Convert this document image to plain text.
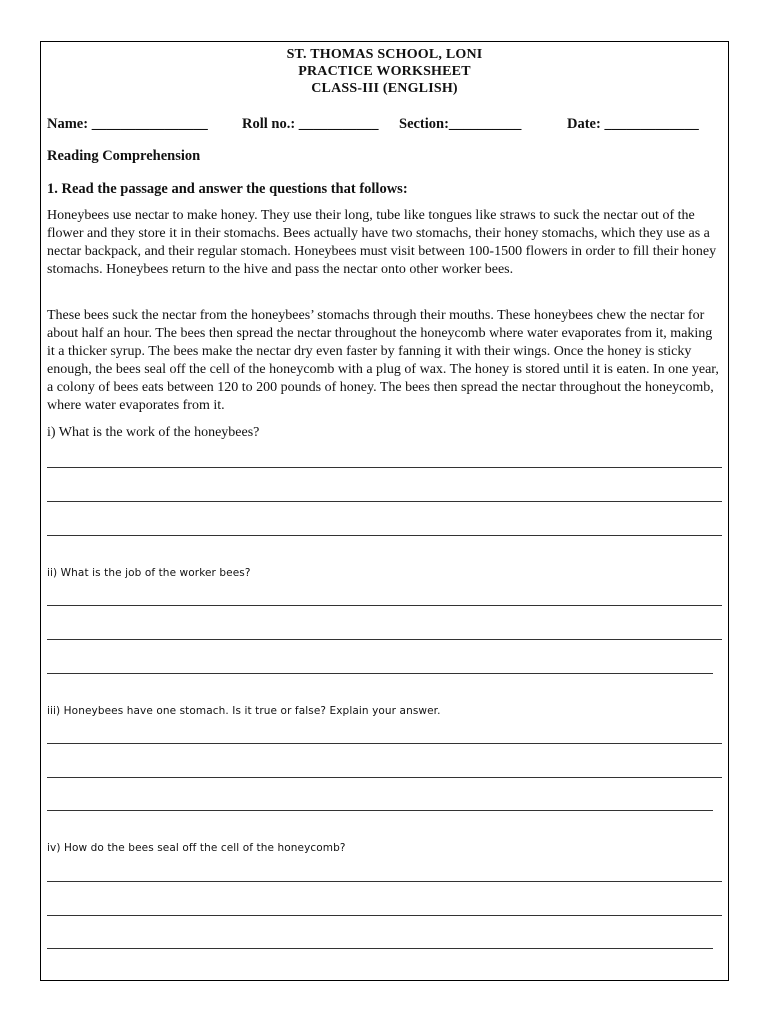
ST. THOMAS SCHOOL, LONI
PRACTICE WORKSHEET
CLASS-III (ENGLISH)
Name: ________________ Roll no.: ___________ Section:__________	Date: _____________
Reading Comprehension
1. Read the passage and answer the questions that follows:

Honeybees use nectar to make honey. They use their long, tube like tongues like straws to suck the nectar out of the flower and they store it in their stomachs. Bees actually have two stomachs, their honey stomachs, which they use as a nectar backpack, and their regular stomach. Honeybees must visit between 100-1500 flowers in order to fill their honey stomachs. Honeybees return to the hive and pass the nectar onto other worker bees.

These bees suck the nectar from the honeybees’ stomachs through their mouths. These honeybees chew the nectar for about half an hour. The bees then spread the nectar throughout the honeycomb where water evaporates from it, making it a thicker syrup. The bees make the nectar dry even faster by fanning it with their wings. Once the honey is sticky enough, the bees seal off the cell of the honeycomb with a plug of wax. The honey is stored until it is eaten. In one year, a colony of bees eats between 120 to 200 pounds of honey. The bees then spread the nectar throughout the honeycomb, where water evaporates from it.

i) What is the work of the honeybees?
ii) What is the job of the worker bees?
iii) Honeybees have one stomach. Is it true or false? Explain your answer.
iv) How do the bees seal off the cell of the honeycomb?
